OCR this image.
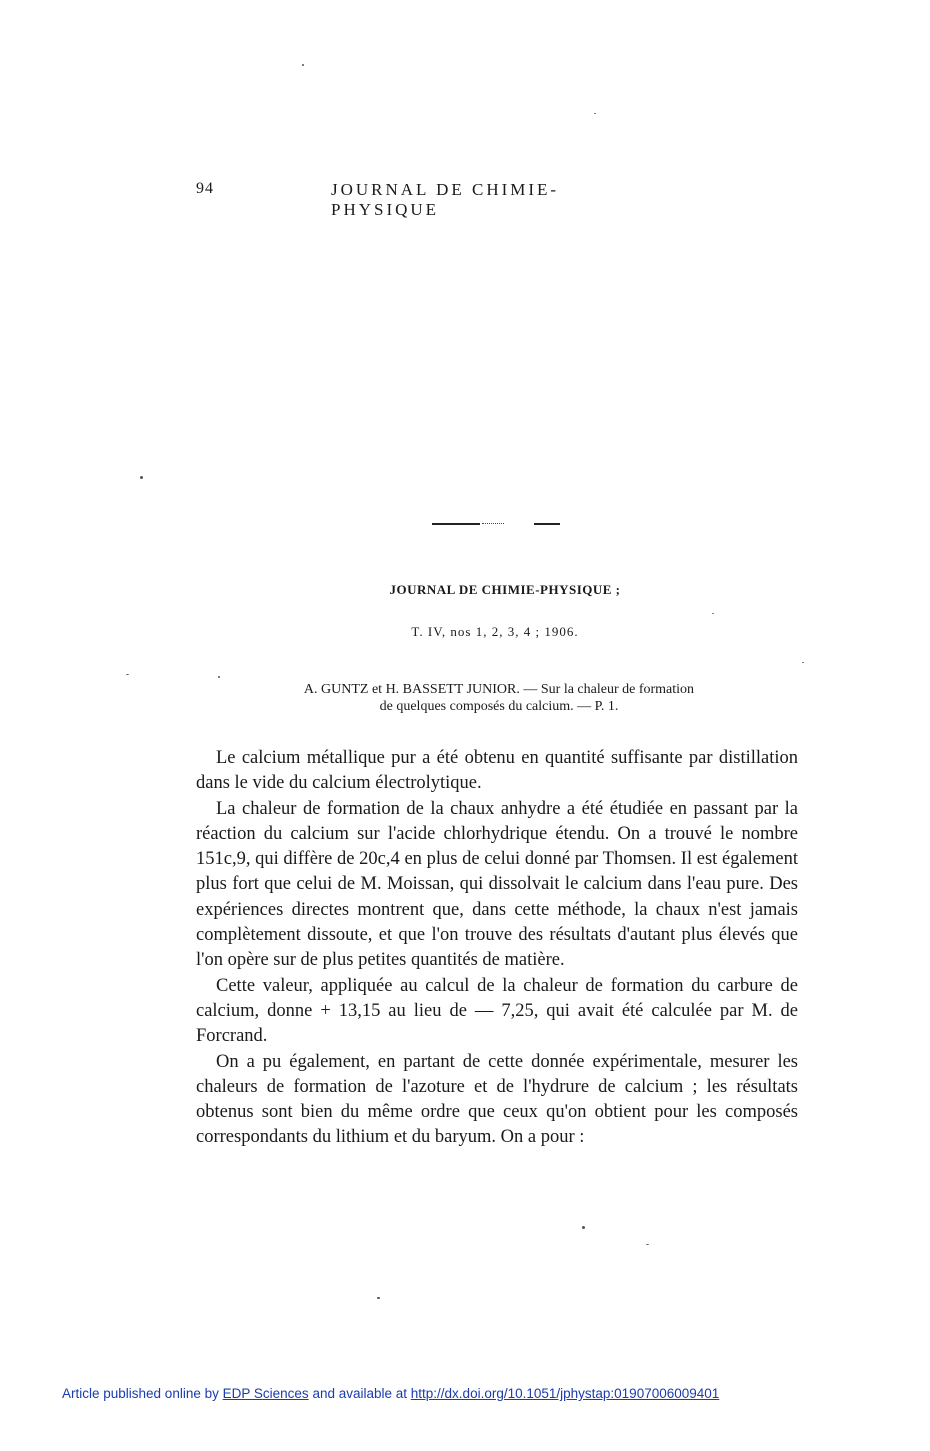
94	JOURNAL DE CHIMIE-PHYSIQUE
JOURNAL DE CHIMIE-PHYSIQUE ;
T. IV, nos 1, 2, 3, 4 ; 1906.
A. GUNTZ et H. BASSETT JUNIOR. — Sur la chaleur de formation
de quelques composés du calcium. — P. 1.

Le calcium métallique pur a été obtenu en quantité suffisante par distillation dans le vide du calcium électrolytique.

La chaleur de formation de la chaux anhydre a été étudiée en passant par la réaction du calcium sur l'acide chlorhydrique étendu. On a trouvé le nombre 151c,9, qui diffère de 20c,4 en plus de celui donné par Thomsen. Il est également plus fort que celui de M. Moissan, qui dissolvait le calcium dans l'eau pure. Des expériences directes montrent que, dans cette méthode, la chaux n'est jamais complètement dissoute, et que l'on trouve des résultats d'autant plus élevés que l'on opère sur de plus petites quantités de matière.

Cette valeur, appliquée au calcul de la chaleur de formation du carbure de calcium, donne + 13,15 au lieu de — 7,25, qui avait été calculée par M. de Forcrand.

On a pu également, en partant de cette donnée expérimentale, mesurer les chaleurs de formation de l'azoture et de l'hydrure de calcium ; les résultats obtenus sont bien du même ordre que ceux qu'on obtient pour les composés correspondants du lithium et du baryum. On a pour :

Article published online by EDP Sciences and available at http://dx.doi.org/10.1051/jphystap:01907006009401
